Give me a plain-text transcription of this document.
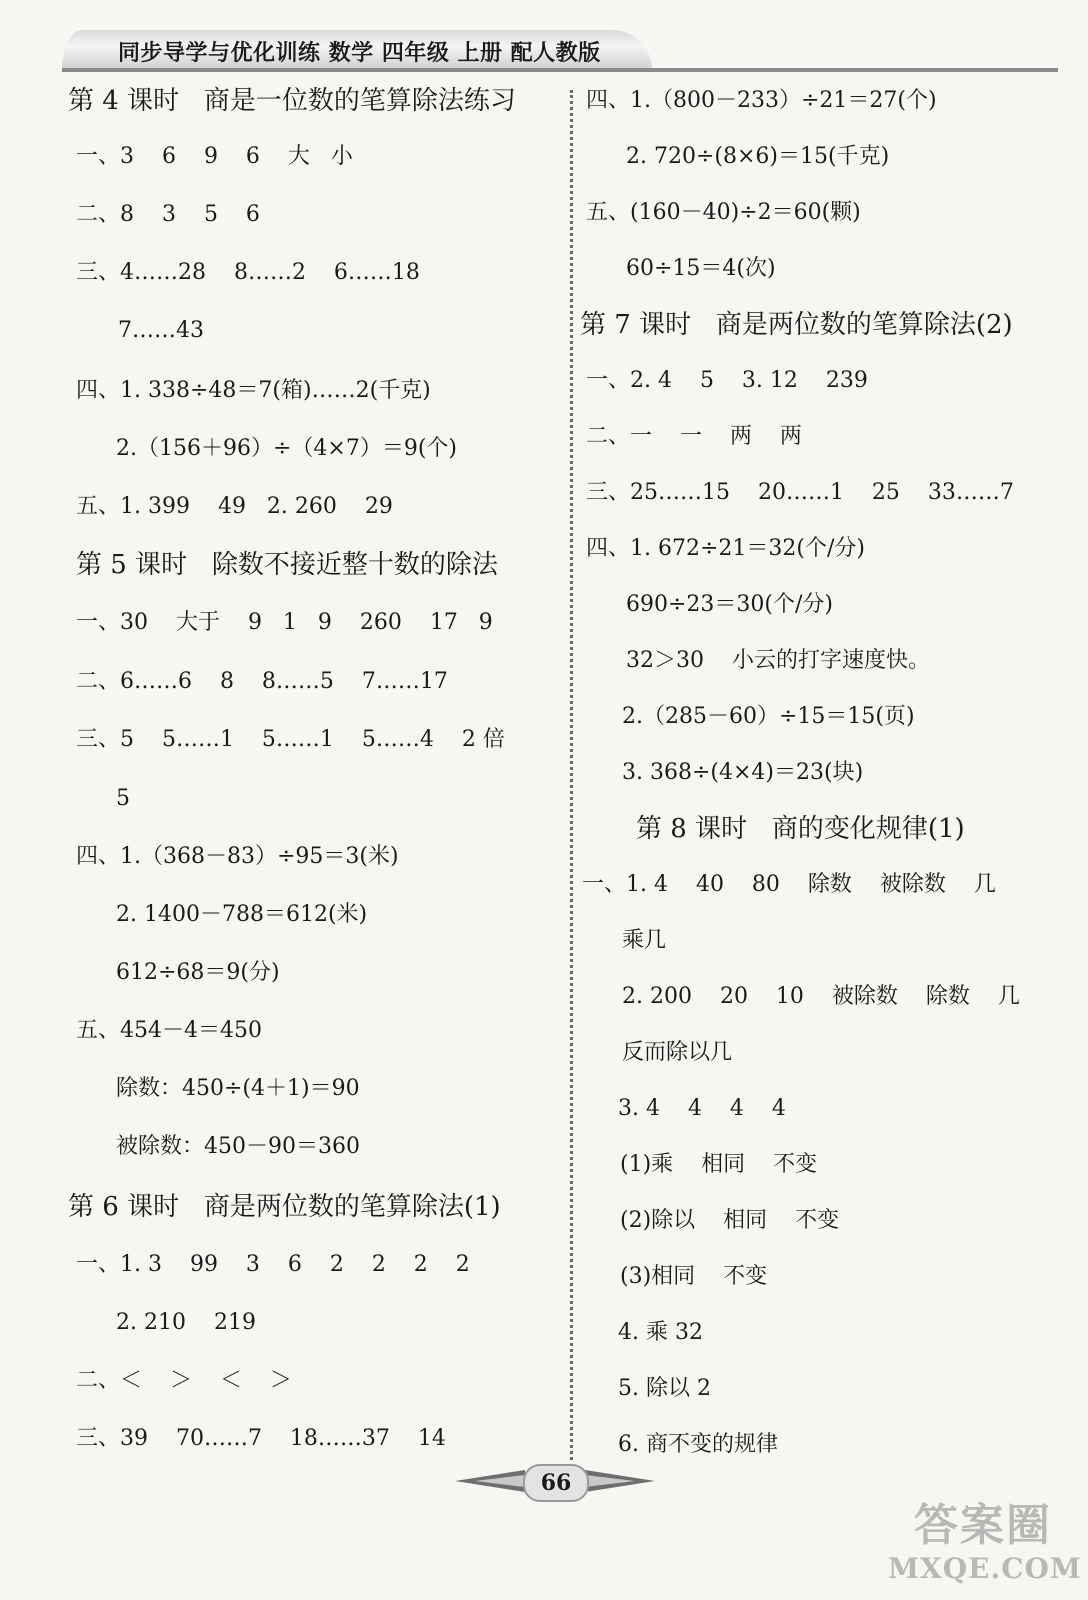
同步导学与优化训练 数学 四年级 上册 配人教版
第 4 课时   商是一位数的笔算除法练习
一、3    6    9    6    大   小
二、8    3    5    6
三、4……28    8……2    6……18
7……43
四、1. 338÷48＝7(箱)……2(千克)
2.（156＋96）÷（4×7）＝9(个)
五、1. 399    49   2. 260    29
第 5 课时   除数不接近整十数的除法
一、30    大于    9   1   9    260    17   9
二、6……6    8    8……5    7……17
三、5    5……1    5……1    5……4    2 倍
5
四、1.（368－83）÷95＝3(米)
2. 1400－788＝612(米)
612÷68＝9(分)
五、454－4＝450
除数：450÷(4＋1)＝90
被除数：450－90＝360
第 6 课时   商是两位数的笔算除法(1)
一、1. 3    99    3    6    2    2    2    2
2. 210    219
二、＜    ＞    ＜    ＞
三、39    70……7    18……37    14
四、1.（800－233）÷21＝27(个)
2. 720÷(8×6)＝15(千克)
五、(160－40)÷2＝60(颗)
60÷15＝4(次)
第 7 课时   商是两位数的笔算除法(2)
一、2. 4    5    3. 12    239
二、一    一    两    两
三、25……15    20……1    25    33……7
四、1. 672÷21＝32(个/分)
690÷23＝30(个/分)
32＞30    小云的打字速度快。
2.（285－60）÷15＝15(页)
3. 368÷(4×4)＝23(块)
第 8 课时   商的变化规律(1)
一、1. 4    40    80    除数    被除数    几
乘几
2. 200    20    10    被除数    除数    几
反而除以几
3. 4    4    4    4
(1)乘    相同    不变
(2)除以    相同    不变
(3)相同    不变
4. 乘 32
5. 除以 2
6. 商不变的规律
66
答案圈
MXQE.COM
